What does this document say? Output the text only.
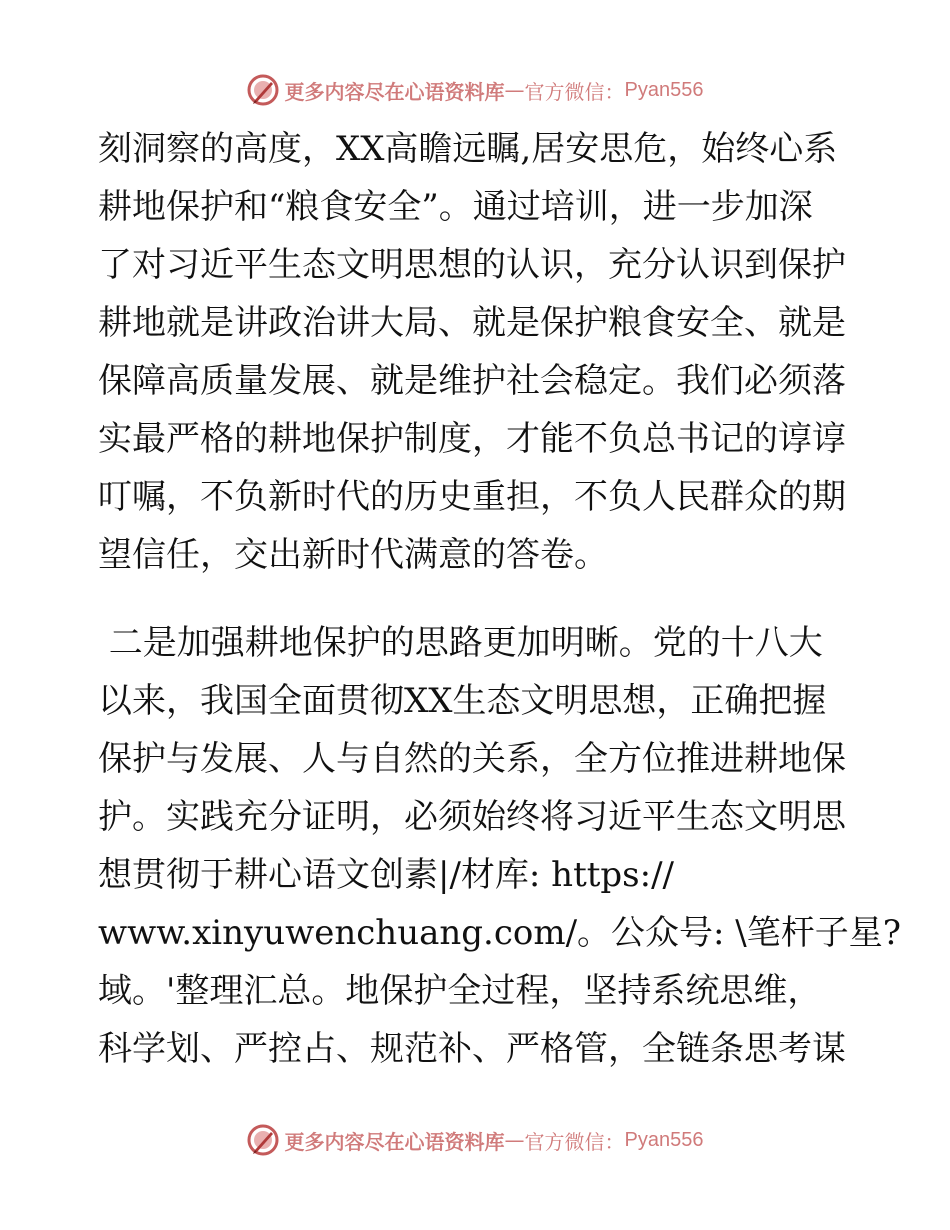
更多内容尽在心语资料库 — 官方微信： Pyan556
刻洞察的高度，XX高瞻远瞩,居安思危，始终心系
耕地保护和“粮食安全”。通过培训，进一步加深
了对习近平生态文明思想的认识，充分认识到保护
耕地就是讲政治讲大局、就是保护粮食安全、就是
保障高质量发展、就是维护社会稳定。我们必须落
实最严格的耕地保护制度，才能不负总书记的谆谆
叮嘱，不负新时代的历史重担，不负人民群众的期
望信任，交出新时代满意的答卷。
二是加强耕地保护的思路更加明晰。党的十八大
以来，我国全面贯彻XX生态文明思想，正确把握
保护与发展、人与自然的关系，全方位推进耕地保
护。实践充分证明，必须始终将习近平生态文明思
想贯彻于耕心语文创素|/材库: https://
www.xinyuwenchuang.com/。公众号: \笔杆子星?
域。'整理汇总。地保护全过程，坚持系统思维，
科学划、严控占、规范补、严格管，全链条思考谋
更多内容尽在心语资料库 — 官方微信： Pyan556
